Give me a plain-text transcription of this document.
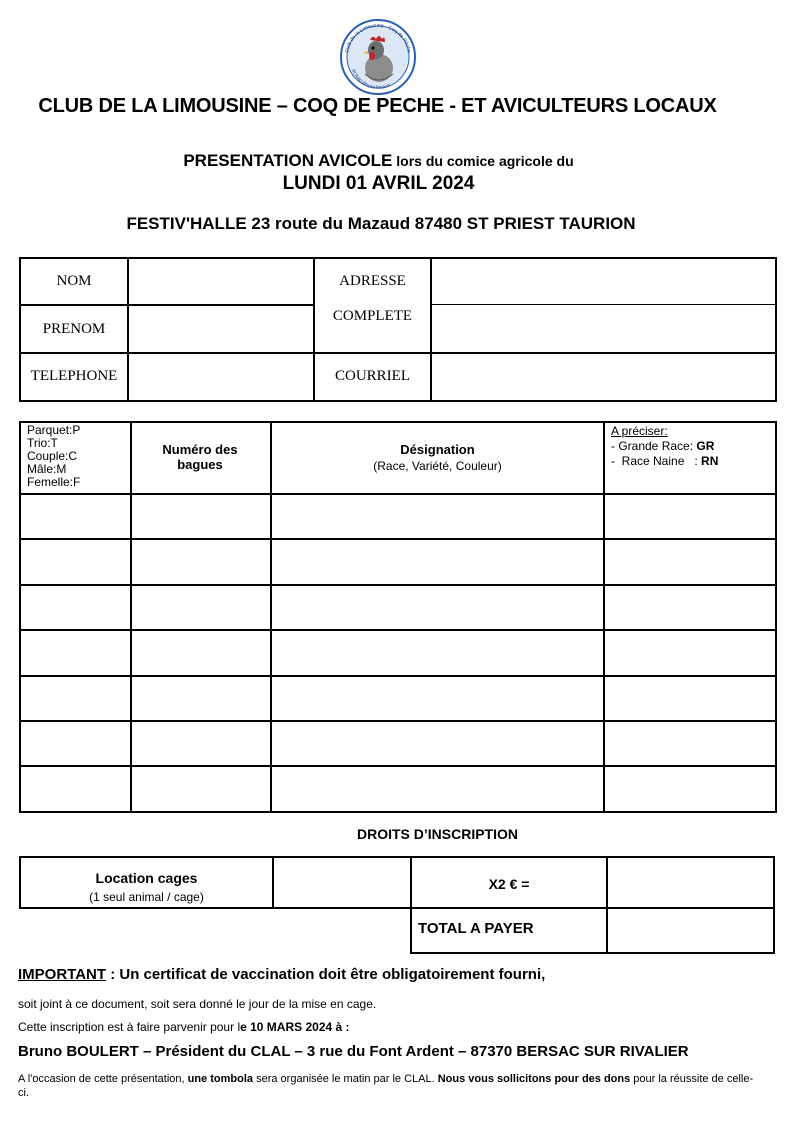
Club de la Limousine - Coq de Pêche
et Aviculteurs locaux
CLUB DE LA LIMOUSINE – COQ DE PECHE - ET AVICULTEURS LOCAUX
PRESENTATION AVICOLE lors du comice agricole du
LUNDI 01 AVRIL 2024
FESTIV'HALLE 23 route du Mazaud 87480 ST PRIEST TAURION
NOM
PRENOM
TELEPHONE
ADRESSE
COMPLETE
COURRIEL
Parquet:P
Trio:T
Couple:C
Mâle:M
Femelle:F
Numéro des bagues
Désignation
(Race, Variété, Couleur)
A préciser:
- Grande Race: GR
-  Race Naine   : RN
DROITS D’INSCRIPTION
Location cages
(1 seul animal / cage)
X2 € =
TOTAL A PAYER
IMPORTANT : Un certificat de vaccination doit être obligatoirement fourni,
soit joint à ce document, soit sera donné le jour de la mise en cage.
Cette inscription est à faire parvenir pour le 10 MARS 2024 à :
Bruno BOULERT – Président du CLAL – 3 rue du Font Ardent – 87370 BERSAC SUR RIVALIER
A l'occasion de cette présentation, une tombola sera organisée le matin par le CLAL. Nous vous sollicitons pour des dons pour la réussite de celle-ci.
